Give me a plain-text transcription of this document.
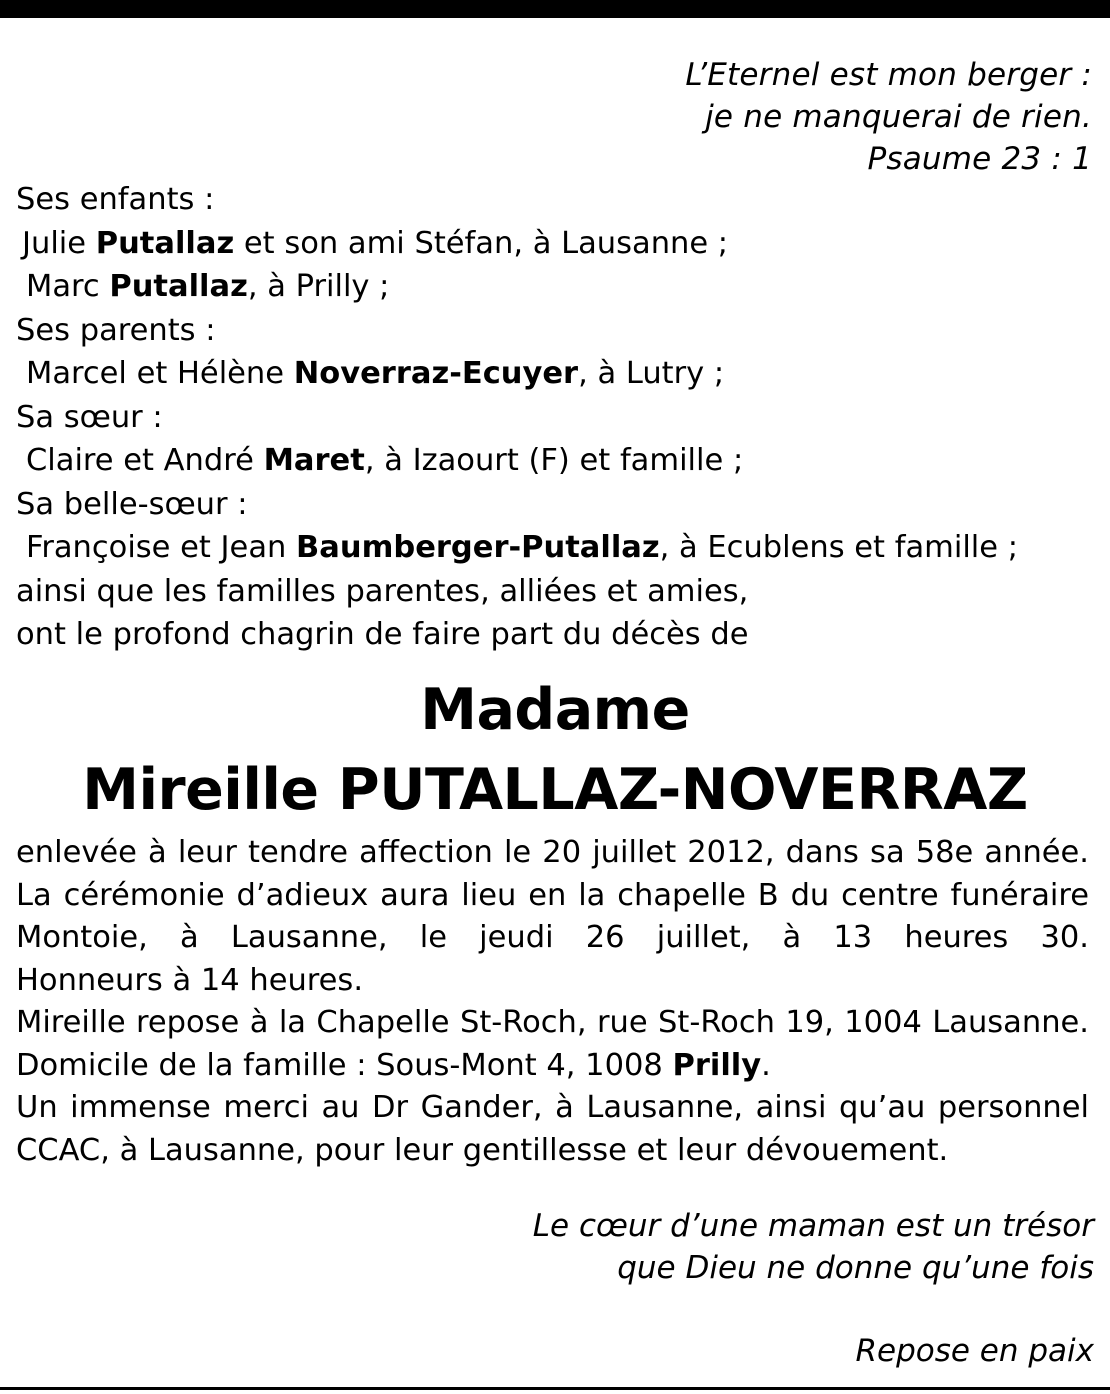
L’Eternel est mon berger :
je ne manquerai de rien.
Psaume 23 : 1
Ses enfants :
Julie Putallaz et son ami Stéfan, à Lausanne ;
Marc Putallaz, à Prilly ;
Ses parents :
Marcel et Hélène Noverraz-Ecuyer, à Lutry ;
Sa sœur :
Claire et André Maret, à Izaourt (F) et famille ;
Sa belle-sœur :
Françoise et Jean Baumberger-Putallaz, à Ecublens et famille ;
ainsi que les familles parentes, alliées et amies,
ont le profond chagrin de faire part du décès de
Madame
Mireille PUTALLAZ-NOVERRAZ
enlevée à leur tendre affection le 20 juillet 2012, dans sa 58e année.
La cérémonie d’adieux aura lieu en la chapelle B du centre funéraire
Montoie, à Lausanne, le jeudi 26 juillet, à 13 heures 30.
Honneurs à 14 heures.
Mireille repose à la Chapelle St-Roch, rue St-Roch 19, 1004 Lausanne.
Domicile de la famille : Sous-Mont 4, 1008 Prilly.
Un immense merci au Dr Gander, à Lausanne, ainsi qu’au personnel
CCAC, à Lausanne, pour leur gentillesse et leur dévouement.
Le cœur d’une maman est un trésor
que Dieu ne donne qu’une fois
Repose en paix
